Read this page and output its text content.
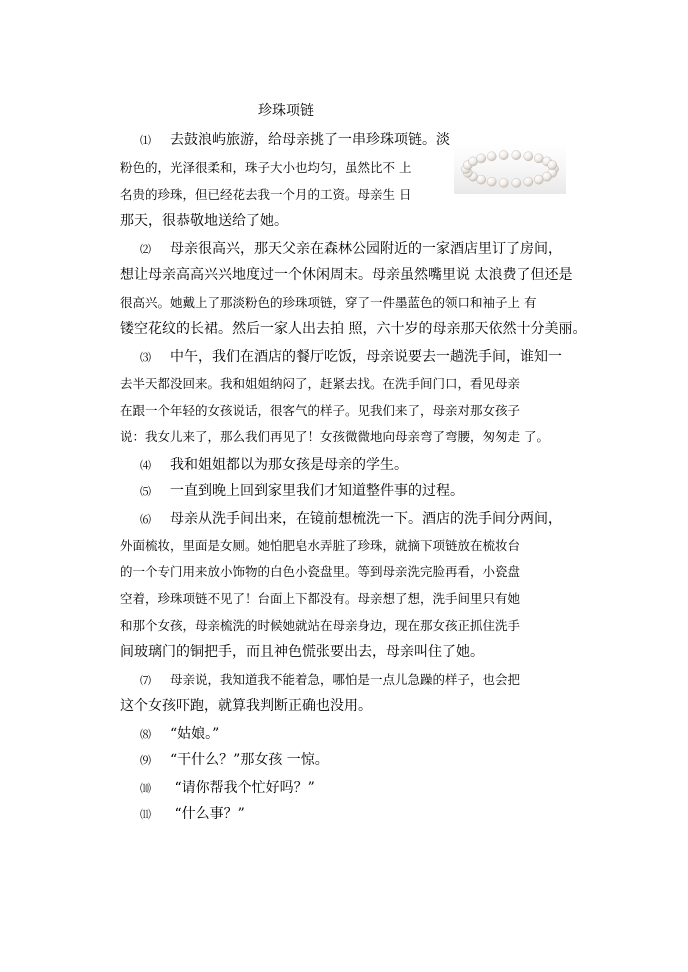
珍珠项链
⑴ 去鼓浪屿旅游，给母亲挑了一串珍珠项链。淡
粉色的，光泽很柔和，珠子大小也均匀，虽然比不 上
名贵的珍珠，但已经花去我一个月的工资。母亲生 日
那天，很恭敬地送给了她。
⑵ 母亲很高兴，那天父亲在森林公园附近的一家酒店里订了房间，
想让母亲高高兴兴地度过一个休闲周末。母亲虽然嘴里说 太浪费了但还是
很高兴。她戴上了那淡粉色的珍珠项链，穿了一件墨蓝色的领口和袖子上 有
镂空花纹的长裙。然后一家人出去拍 照，六十岁的母亲那天依然十分美丽。
⑶ 中午，我们在酒店的餐厅吃饭，母亲说要去一趟洗手间，谁知一
去半天都没回来。我和姐姐纳闷了，赶紧去找。在洗手间门口，看见母亲
在跟一个年轻的女孩说话，很客气的样子。见我们来了，母亲对那女孩子
说：我女儿来了，那么我们再见了！女孩微微地向母亲弯了弯腰，匆匆走 了。
⑷ 我和姐姐都以为那女孩是母亲的学生。
⑸ 一直到晚上回到家里我们才知道整件事的过程。
⑹ 母亲从洗手间出来，在镜前想梳洗一下。酒店的洗手间分两间，
外面梳妆，里面是女厕。她怕肥皂水弄脏了珍珠，就摘下项链放在梳妆台
的一个专门用来放小饰物的白色小瓷盘里。等到母亲洗完脸再看，小瓷盘
空着，珍珠项链不见了！台面上下都没有。母亲想了想，洗手间里只有她
和那个女孩，母亲梳洗的时候她就站在母亲身边，现在那女孩正抓住洗手
间玻璃门的铜把手，而且神色慌张要出去，母亲叫住了她。
⑺ 母亲说，我知道我不能着急，哪怕是一点儿急躁的样子，也会把
这个女孩吓跑，就算我判断正确也没用。
⑻ “姑娘。”
⑼ “干什么？”那女孩 一惊。
⑽ “请你帮我个忙好吗？”
⑾ “什么事？”
